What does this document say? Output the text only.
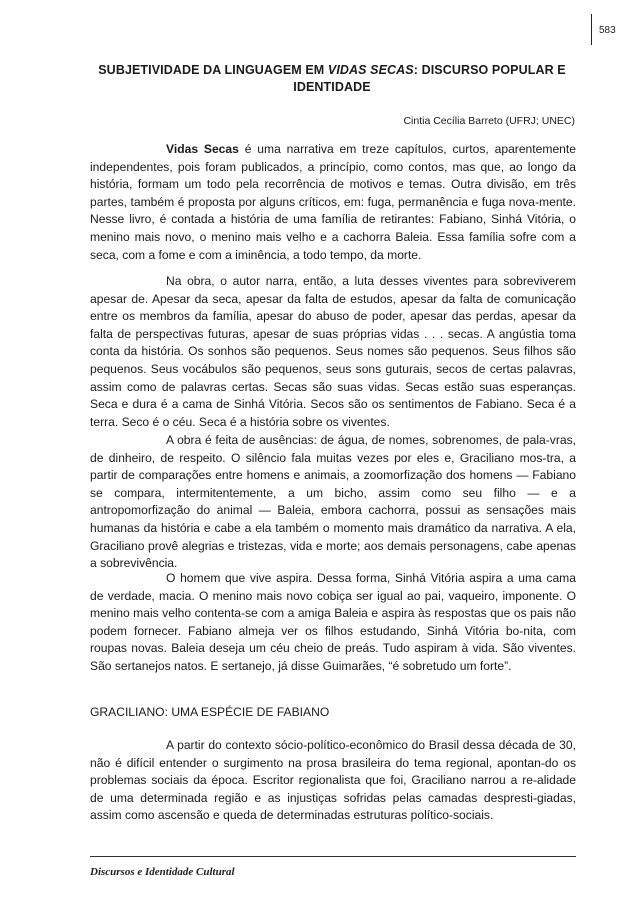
583
SUBJETIVIDADE DA LINGUAGEM EM VIDAS SECAS: DISCURSO POPULAR E IDENTIDADE
Cintia Cecília Barreto (UFRJ; UNEC)

Vidas Secas é uma narrativa em treze capítulos, curtos, aparentemente independentes, pois foram publicados, a princípio, como contos, mas que, ao longo da história, formam um todo pela recorrência de motivos e temas. Outra divisão, em três partes, também é proposta por alguns críticos, em: fuga, permanência e fuga nova-mente. Nesse livro, é contada a história de uma família de retirantes: Fabiano, Sinhá Vitória, o menino mais novo, o menino mais velho e a cachorra Baleia. Essa família sofre com a seca, com a fome e com a iminência, a todo tempo, da morte.

Na obra, o autor narra, então, a luta desses viventes para sobreviverem apesar de. Apesar da seca, apesar da falta de estudos, apesar da falta de comunicação entre os membros da família, apesar do abuso de poder, apesar das perdas, apesar da falta de perspectivas futuras, apesar de suas próprias vidas . . . secas. A angústia toma conta da história. Os sonhos são pequenos. Seus nomes são pequenos. Seus filhos são pequenos. Seus vocábulos são pequenos, seus sons guturais, secos de certas palavras, assim como de palavras certas. Secas são suas vidas. Secas estão suas esperanças. Seca e dura é a cama de Sinhá Vitória. Secos são os sentimentos de Fabiano. Seca é a terra. Seco é o céu. Seca é a história sobre os viventes.

A obra é feita de ausências: de água, de nomes, sobrenomes, de pala-vras, de dinheiro, de respeito. O silêncio fala muitas vezes por eles e, Graciliano mos-tra, a partir de comparações entre homens e animais, a zoomorfização dos homens — Fabiano se compara, intermitentemente, a um bicho, assim como seu filho — e a antropomorfização do animal — Baleia, embora cachorra, possui as sensações mais humanas da história e cabe a ela também o momento mais dramático da narrativa. A ela, Graciliano provê alegrias e tristezas, vida e morte; aos demais personagens, cabe apenas a sobrevivência.

O homem que vive aspira. Dessa forma, Sinhá Vitória aspira a uma cama de verdade, macia. O menino mais novo cobiça ser igual ao pai, vaqueiro, imponente. O menino mais velho contenta-se com a amiga Baleia e aspira às respostas que os pais não podem fornecer. Fabiano almeja ver os filhos estudando, Sinhá Vitória bo-nita, com roupas novas. Baleia deseja um céu cheio de preás. Tudo aspiram à vida. São viventes. São sertanejos natos. E sertanejo, já disse Guimarães, “é sobretudo um forte”.

GRACILIANO: UMA ESPÉCIE DE FABIANO

A partir do contexto sócio-político-econômico do Brasil dessa década de 30, não é difícil entender o surgimento na prosa brasileira do tema regional, apontan-do os problemas sociais da época. Escritor regionalista que foi, Graciliano narrou a re-alidade de uma determinada região e as injustiças sofridas pelas camadas despresti-giadas, assim como ascensão e queda de determinadas estruturas político-sociais.

Discursos e Identidade Cultural
